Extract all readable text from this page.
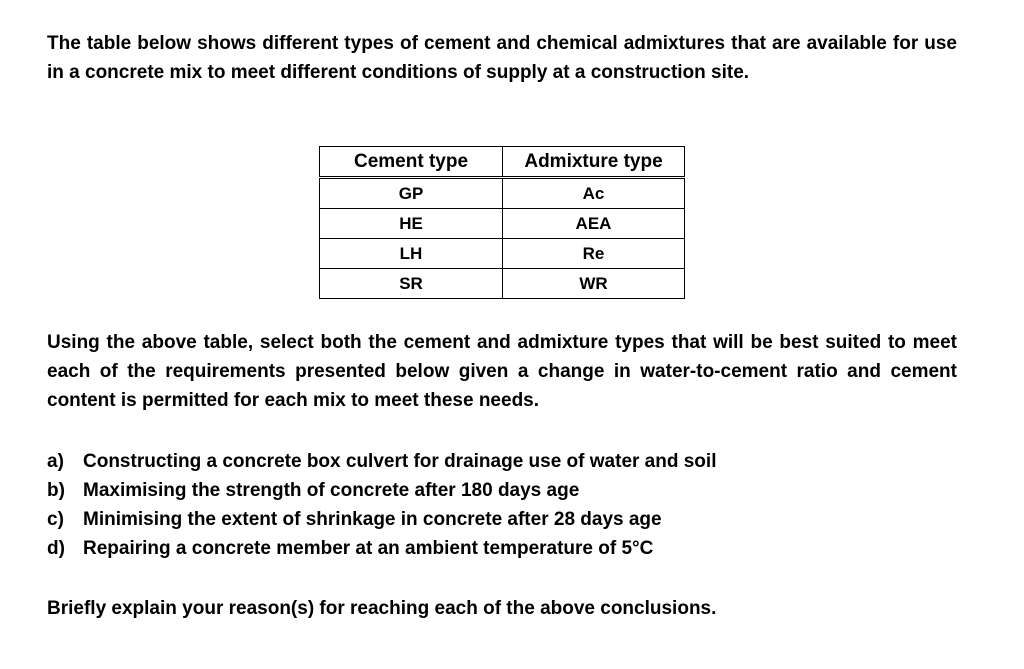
The table below shows different types of cement and chemical admixtures that are available for use in a concrete mix to meet different conditions of supply at a construction site.

Cement type	Admixture type
GP	Ac
HE	AEA
LH	Re
SR	WR

Using the above table, select both the cement and admixture types that will be best suited to meet each of the requirements presented below given a change in water-to-cement ratio and cement content is permitted for each mix to meet these needs.

a)	Constructing a concrete box culvert for drainage use of water and soil
b) Maximising the strength of concrete after 180 days age
c)	Minimising the extent of shrinkage in concrete after 28 days age
d) Repairing a concrete member at an ambient temperature of 5°C

Briefly explain your reason(s) for reaching each of the above conclusions.
